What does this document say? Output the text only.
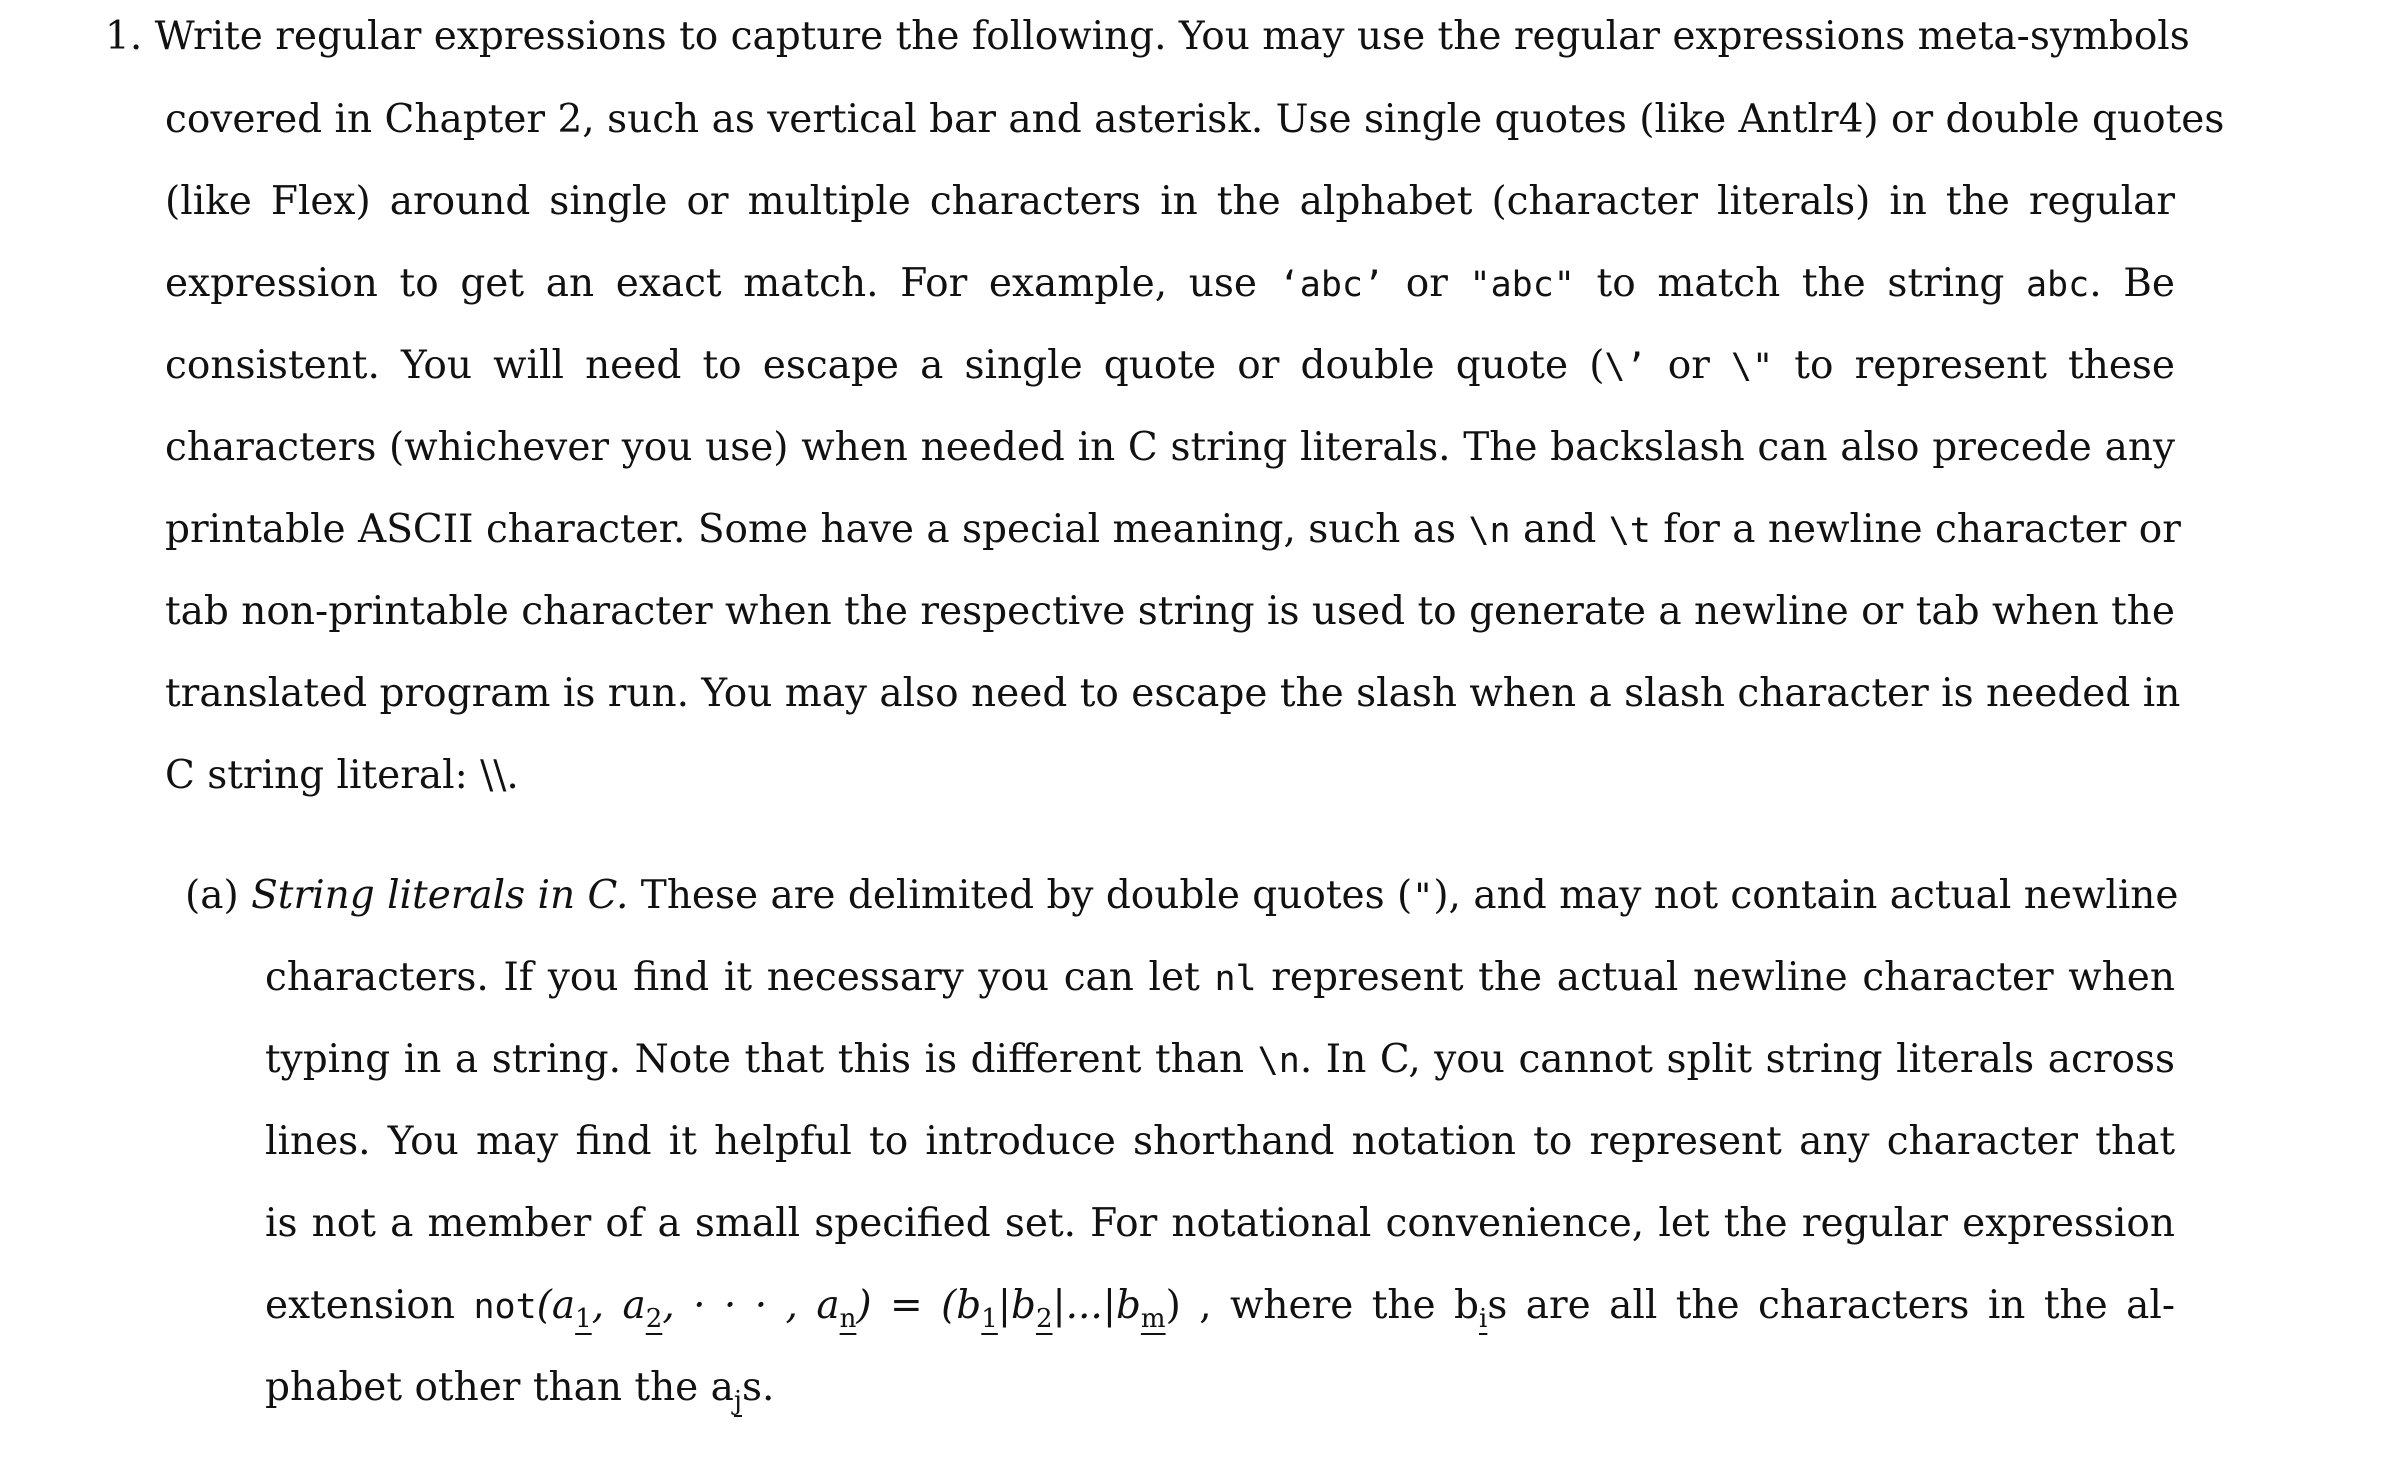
1. Write regular expressions to capture the following. You may use the regular expressions meta-symbols
covered in Chapter 2, such as vertical bar and asterisk. Use single quotes (like Antlr4) or double quotes
(like Flex) around single or multiple characters in the alphabet (character literals) in the regular
expression to get an exact match. For example, use ‘abc’ or "abc" to match the string abc. Be
consistent. You will need to escape a single quote or double quote (\’ or \" to represent these
characters (whichever you use) when needed in C string literals. The backslash can also precede any
printable ASCII character. Some have a special meaning, such as \n and \t for a newline character or
tab non-printable character when the respective string is used to generate a newline or tab when the
translated program is run. You may also need to escape the slash when a slash character is needed in
C string literal: \\.
(a) String literals in C. These are delimited by double quotes ("), and may not contain actual newline
characters. If you find it necessary you can let nl represent the actual newline character when
typing in a string. Note that this is different than \n. In C, you cannot split string literals across
lines. You may find it helpful to introduce shorthand notation to represent any character that
is not a member of a small specified set. For notational convenience, let the regular expression
extension $not(a_1$, $a_2$, · · · , $a_n) = (b_1|b_2|...|b_m)$ , where the $b_is$ are all the characters in the al-
phabet other than the $a_js$.
